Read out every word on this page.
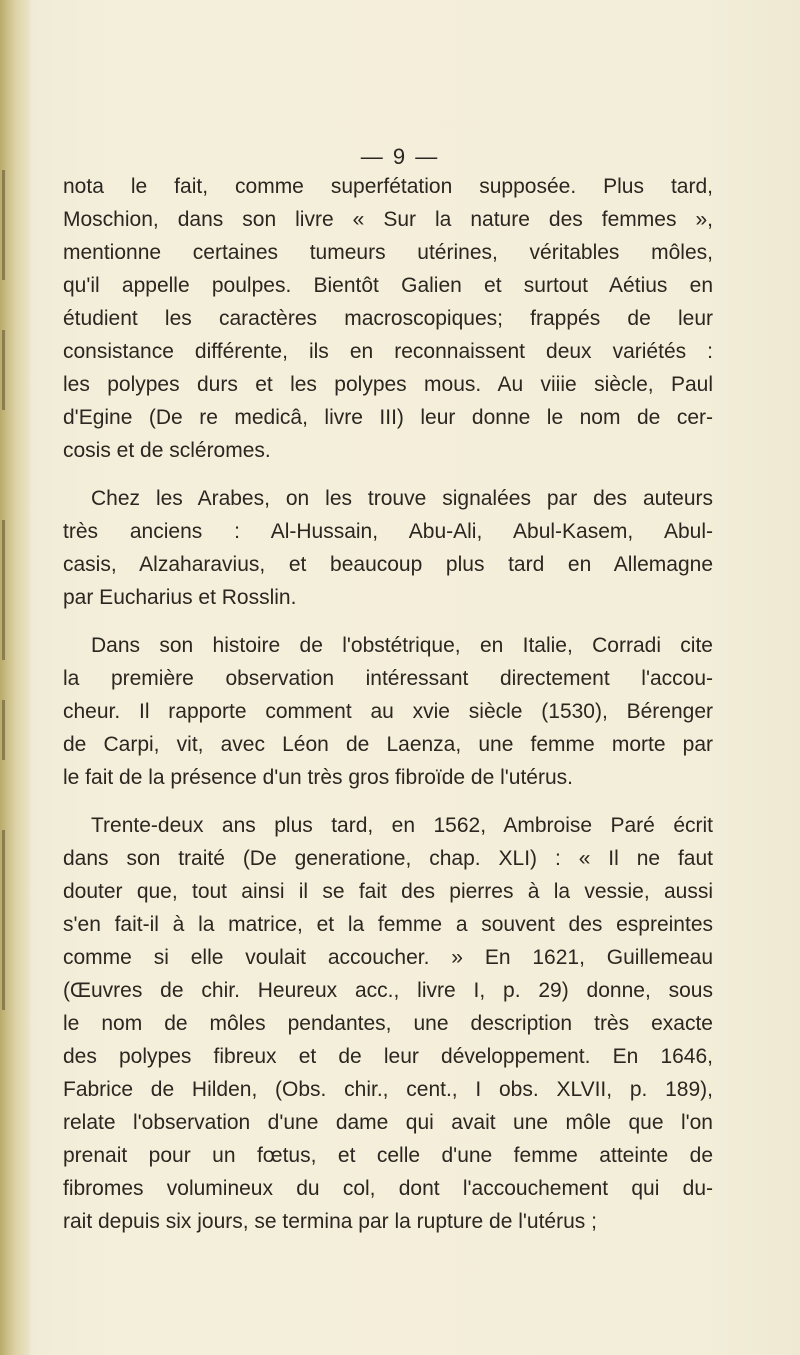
— 9 —
nota le fait, comme superfétation supposée. Plus tard,
Moschion, dans son livre « Sur la nature des femmes »,
mentionne certaines tumeurs utérines, véritables môles,
qu'il appelle poulpes. Bientôt Galien et surtout Aétius en
étudient les caractères macroscopiques; frappés de leur
consistance différente, ils en reconnaissent deux variétés :
les polypes durs et les polypes mous. Au viiie siècle, Paul
d'Egine (De re medicâ, livre III) leur donne le nom de cer-
cosis et de scléromes.
Chez les Arabes, on les trouve signalées par des auteurs
très anciens : Al-Hussain, Abu-Ali, Abul-Kasem, Abul-
casis, Alzaharavius, et beaucoup plus tard en Allemagne
par Eucharius et Rosslin.
Dans son histoire de l'obstétrique, en Italie, Corradi cite
la première observation intéressant directement l'accou-
cheur. Il rapporte comment au xvie siècle (1530), Bérenger
de Carpi, vit, avec Léon de Laenza, une femme morte par
le fait de la présence d'un très gros fibroïde de l'utérus.
Trente-deux ans plus tard, en 1562, Ambroise Paré écrit
dans son traité (De generatione, chap. XLI) : « Il ne faut
douter que, tout ainsi il se fait des pierres à la vessie, aussi
s'en fait-il à la matrice, et la femme a souvent des espreintes
comme si elle voulait accoucher. » En 1621, Guillemeau
(Œuvres de chir. Heureux acc., livre I, p. 29) donne, sous
le nom de môles pendantes, une description très exacte
des polypes fibreux et de leur développement. En 1646,
Fabrice de Hilden, (Obs. chir., cent., I obs. XLVII, p. 189),
relate l'observation d'une dame qui avait une môle que l'on
prenait pour un fœtus, et celle d'une femme atteinte de
fibromes volumineux du col, dont l'accouchement qui du-
rait depuis six jours, se termina par la rupture de l'utérus ;
